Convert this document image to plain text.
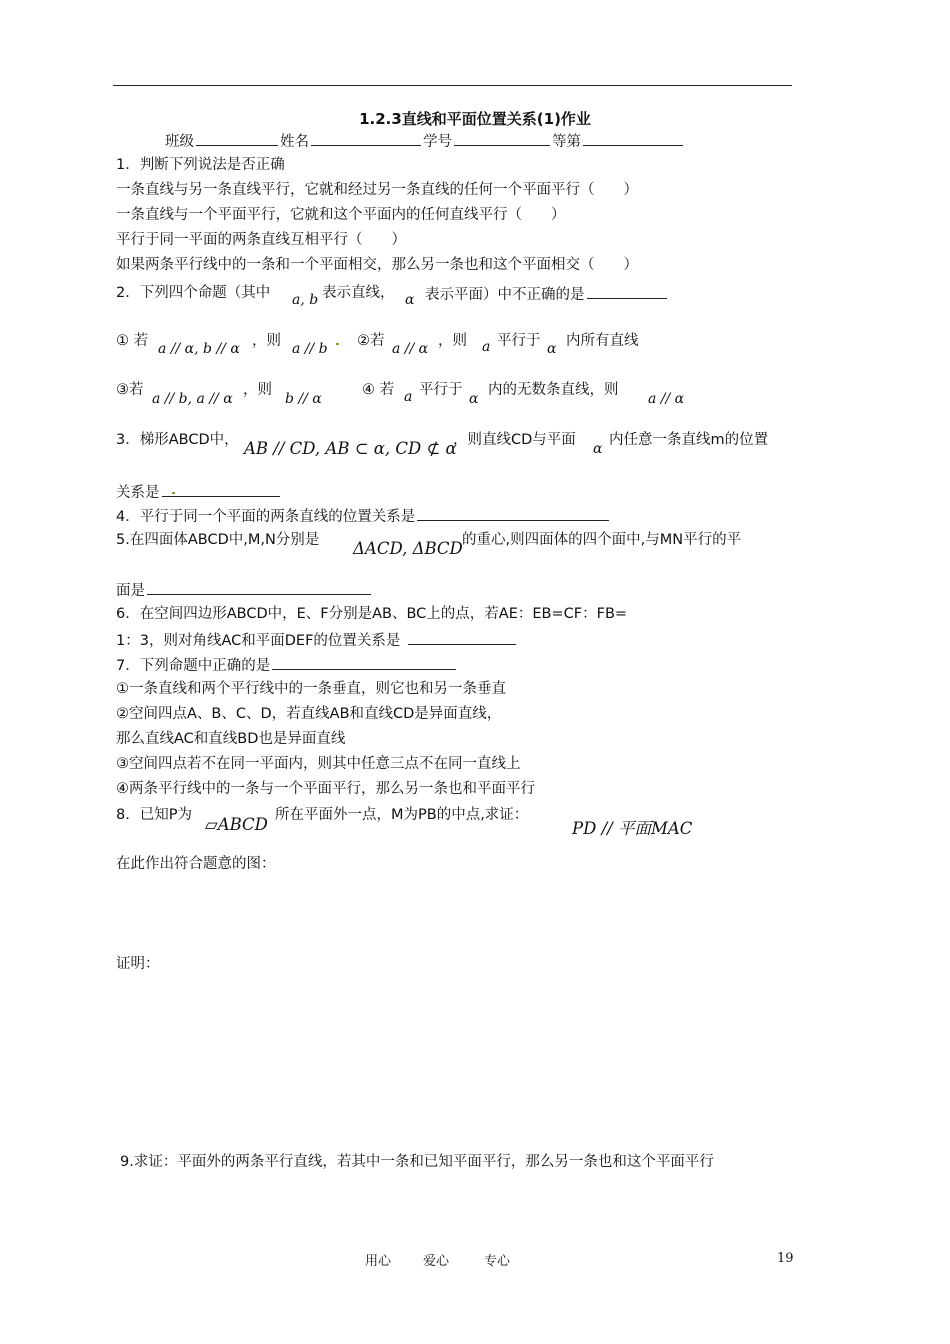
1.2.3直线和平面位置关系(1)作业
班级	姓名	学号	等第
1．判断下列说法是否正确
一条直线与另一条直线平行，它就和经过另一条直线的任何一个平面平行（　　）
一条直线与一个平面平行，它就和这个平面内的任何直线平行（　　）
平行于同一平面的两条直线互相平行（　　）
如果两条平行线中的一条和一个平面相交，那么另一条也和这个平面相交（　　）
2．下列四个命题（其中 a, b 表示直线， α 表示平面）中不正确的是
① 若 a // α, b // α ，则 a // b ②若 a // α ，则 a 平行于 α 内所有直线
③若
a // b, a // α
，则
b // α
④ 若 a 平行于
α
内的无数条直线，则
a // α
3．梯形ABCD中， AB // CD, AB ⊂ α, CD ⊄ α
，则直线CD与平面
α
内任意一条直线m的位置
关系是
4．平行于同一个平面的两条直线的位置关系是
5.在四面体ABCD中,M,N分别是 ΔACD, ΔBCD 的重心,则四面体的四个面中,与MN平行的平
面是
6．在空间四边形ABCD中，E、F分别是AB、BC上的点，若AE：EB=CF：FB=
1：3，则对角线AC和平面DEF的位置关系是
7．下列命题中正确的是
①一条直线和两个平行线中的一条垂直，则它也和另一条垂直
②空间四点A、B、C、D，若直线AB和直线CD是异面直线，
那么直线AC和直线BD也是异面直线
③空间四点若不在同一平面内，则其中任意三点不在同一直线上
④两条平行线中的一条与一个平面平行，那么另一条也和平面平行
8．已知P为 ▱ABCD 所在平面外一点，M为PB的中点,求证：
PD // 平面MAC
在此作出符合题意的图：
证明：
9.求证：平面外的两条平行直线，若其中一条和已知平面平行，那么另一条也和这个平面平行
用心 爱心	专心	19
